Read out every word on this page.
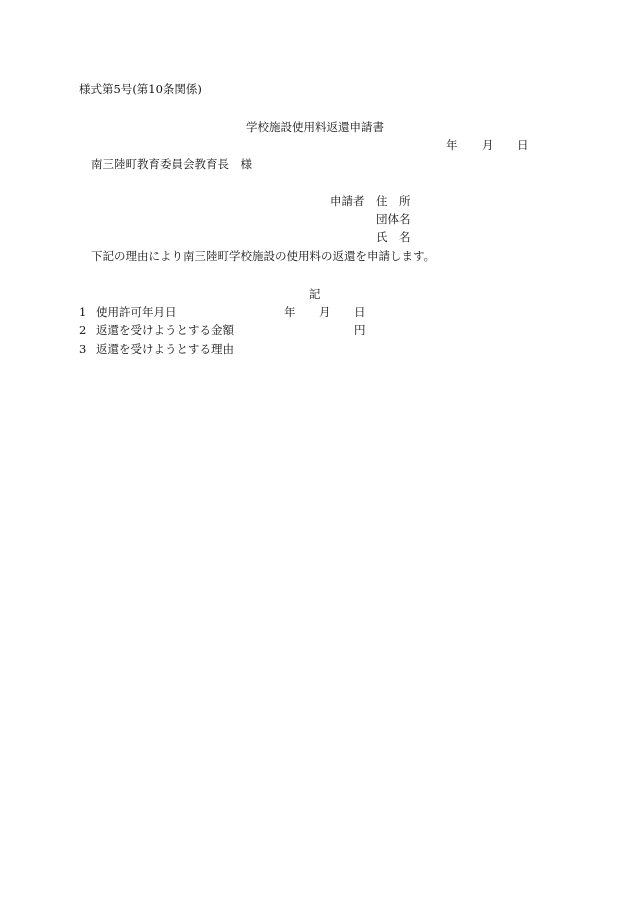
様式第5号(第10条関係)
学校施設使用料返還申請書
年 月 日
南三陸町教育委員会教育長　様
申請者 住　所
団体名
氏　名
下記の理由により南三陸町学校施設の使用料の返還を申請します。
記
1 使用許可年月日	年 月 日
2 返還を受けようとする金額	円
3 返還を受けようとする理由
